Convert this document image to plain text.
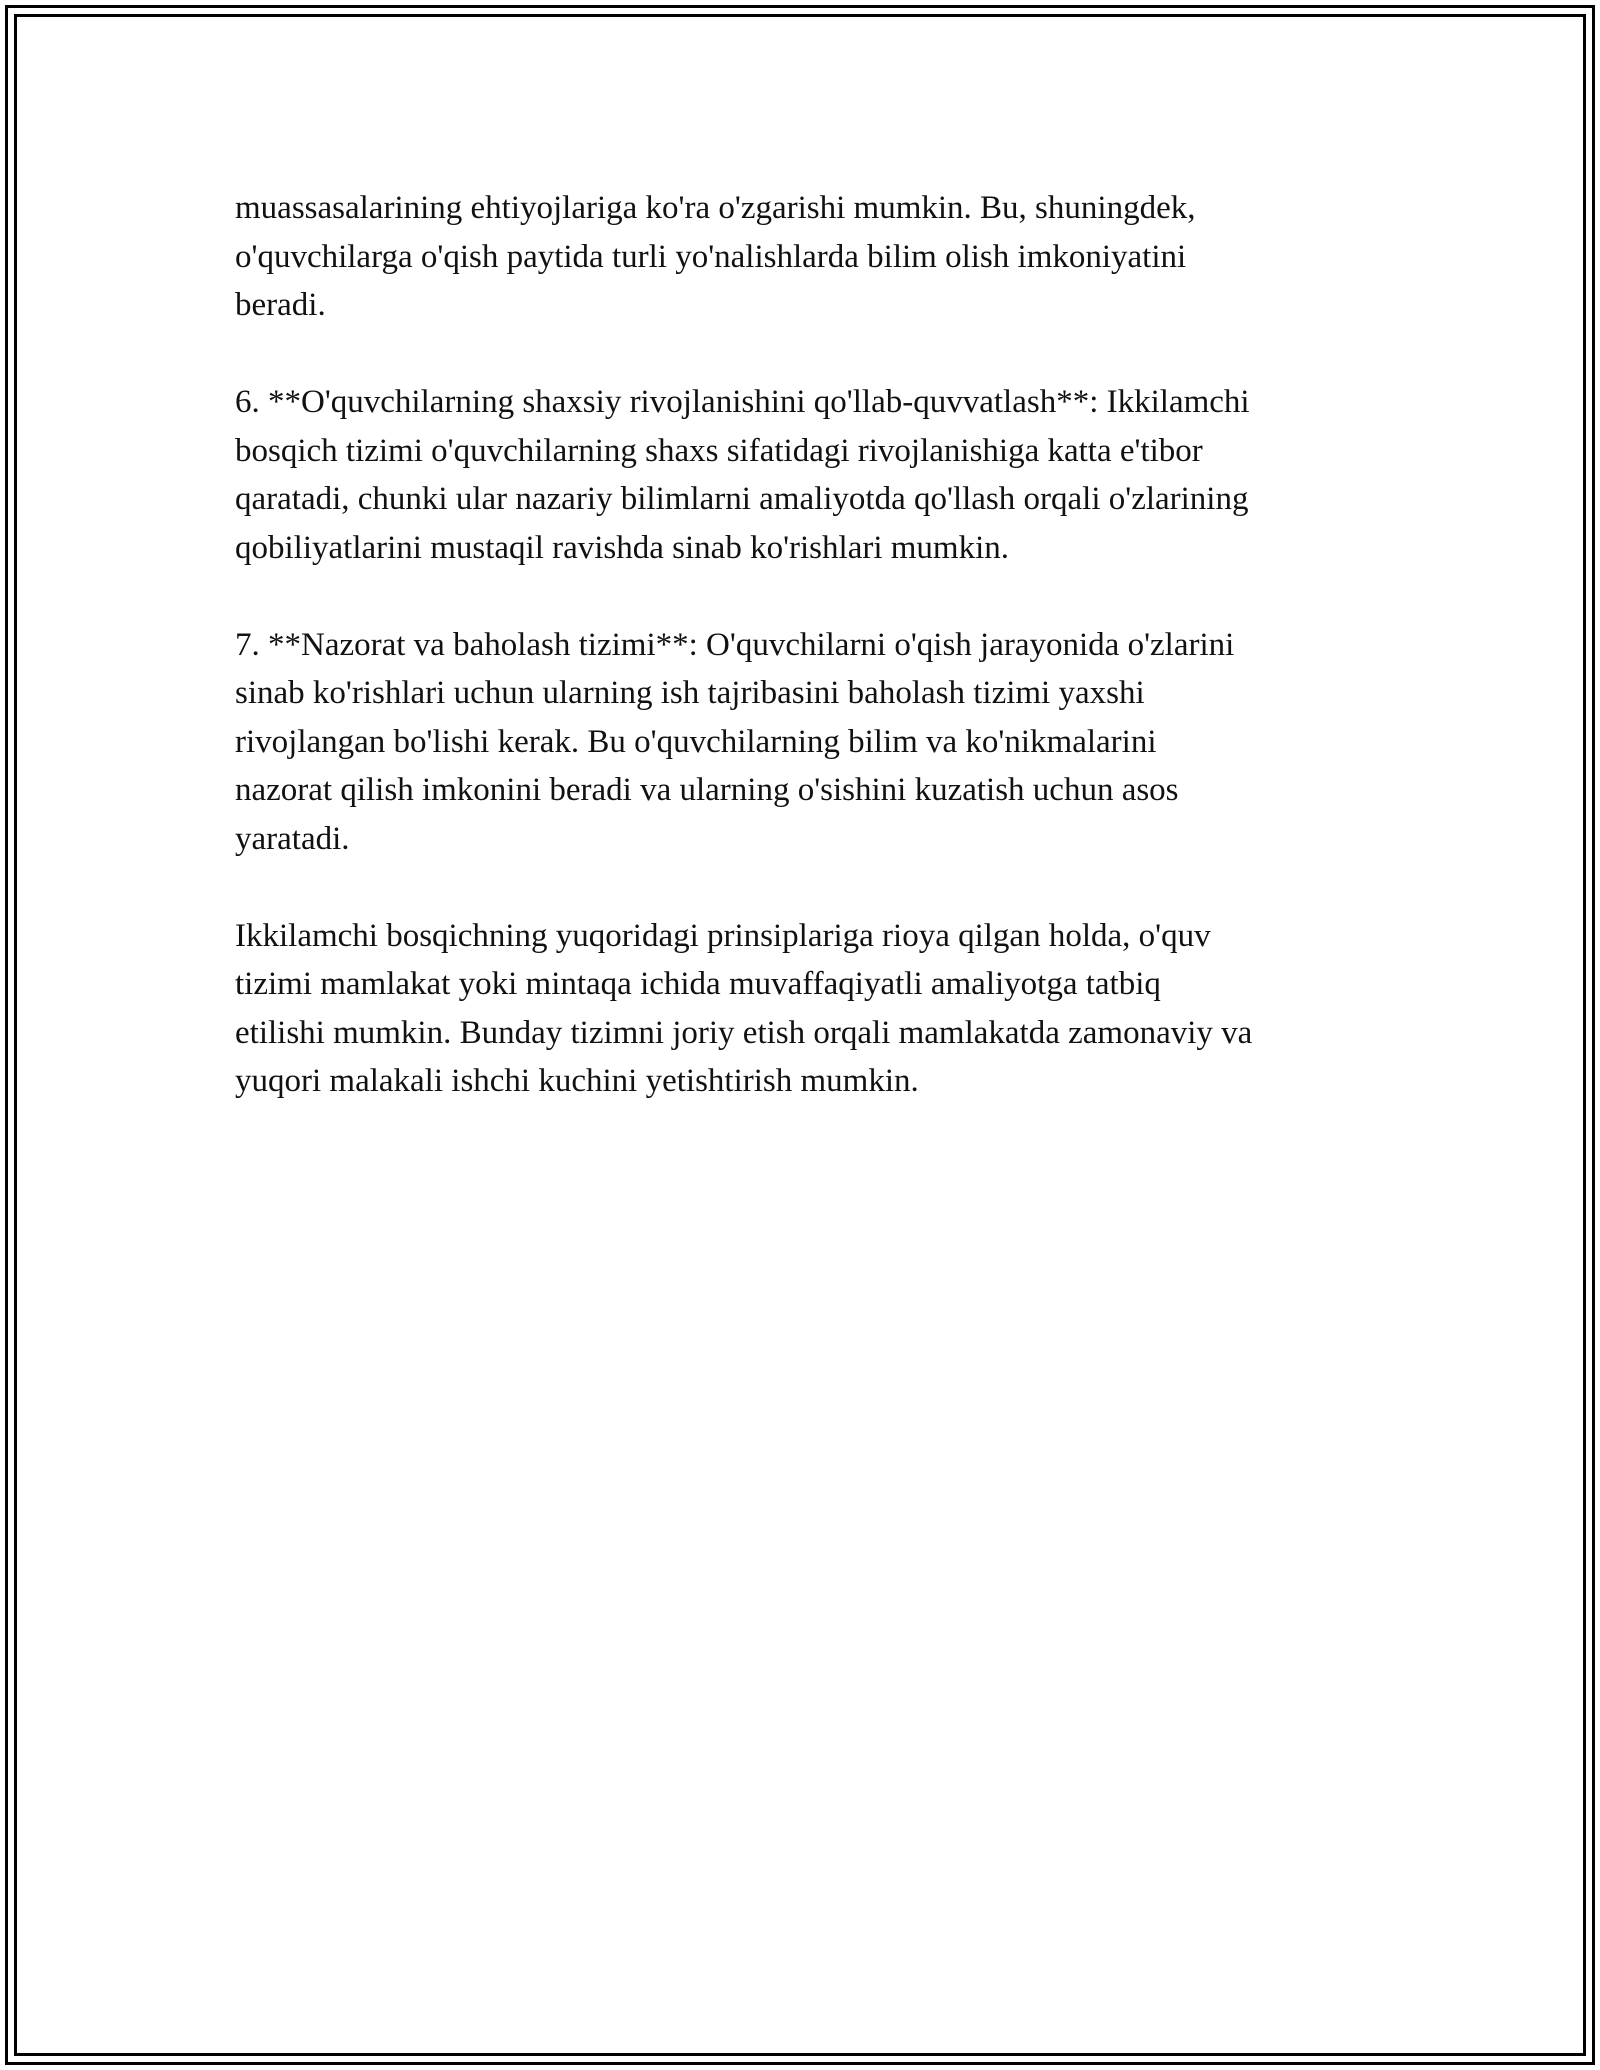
muassasalarining ehtiyojlariga ko'ra o'zgarishi mumkin. Bu, shuningdek,
o'quvchilarga o'qish paytida turli yo'nalishlarda bilim olish imkoniyatini
beradi.

6. **O'quvchilarning shaxsiy rivojlanishini qo'llab-quvvatlash**: Ikkilamchi
bosqich tizimi o'quvchilarning shaxs sifatidagi rivojlanishiga katta e'tibor
qaratadi, chunki ular nazariy bilimlarni amaliyotda qo'llash orqali o'zlarining
qobiliyatlarini mustaqil ravishda sinab ko'rishlari mumkin.

7. **Nazorat va baholash tizimi**: O'quvchilarni o'qish jarayonida o'zlarini
sinab ko'rishlari uchun ularning ish tajribasini baholash tizimi yaxshi
rivojlangan bo'lishi kerak. Bu o'quvchilarning bilim va ko'nikmalarini
nazorat qilish imkonini beradi va ularning o'sishini kuzatish uchun asos
yaratadi.

Ikkilamchi bosqichning yuqoridagi prinsiplariga rioya qilgan holda, o'quv
tizimi mamlakat yoki mintaqa ichida muvaffaqiyatli amaliyotga tatbiq
etilishi mumkin. Bunday tizimni joriy etish orqali mamlakatda zamonaviy va
yuqori malakali ishchi kuchini yetishtirish mumkin.
